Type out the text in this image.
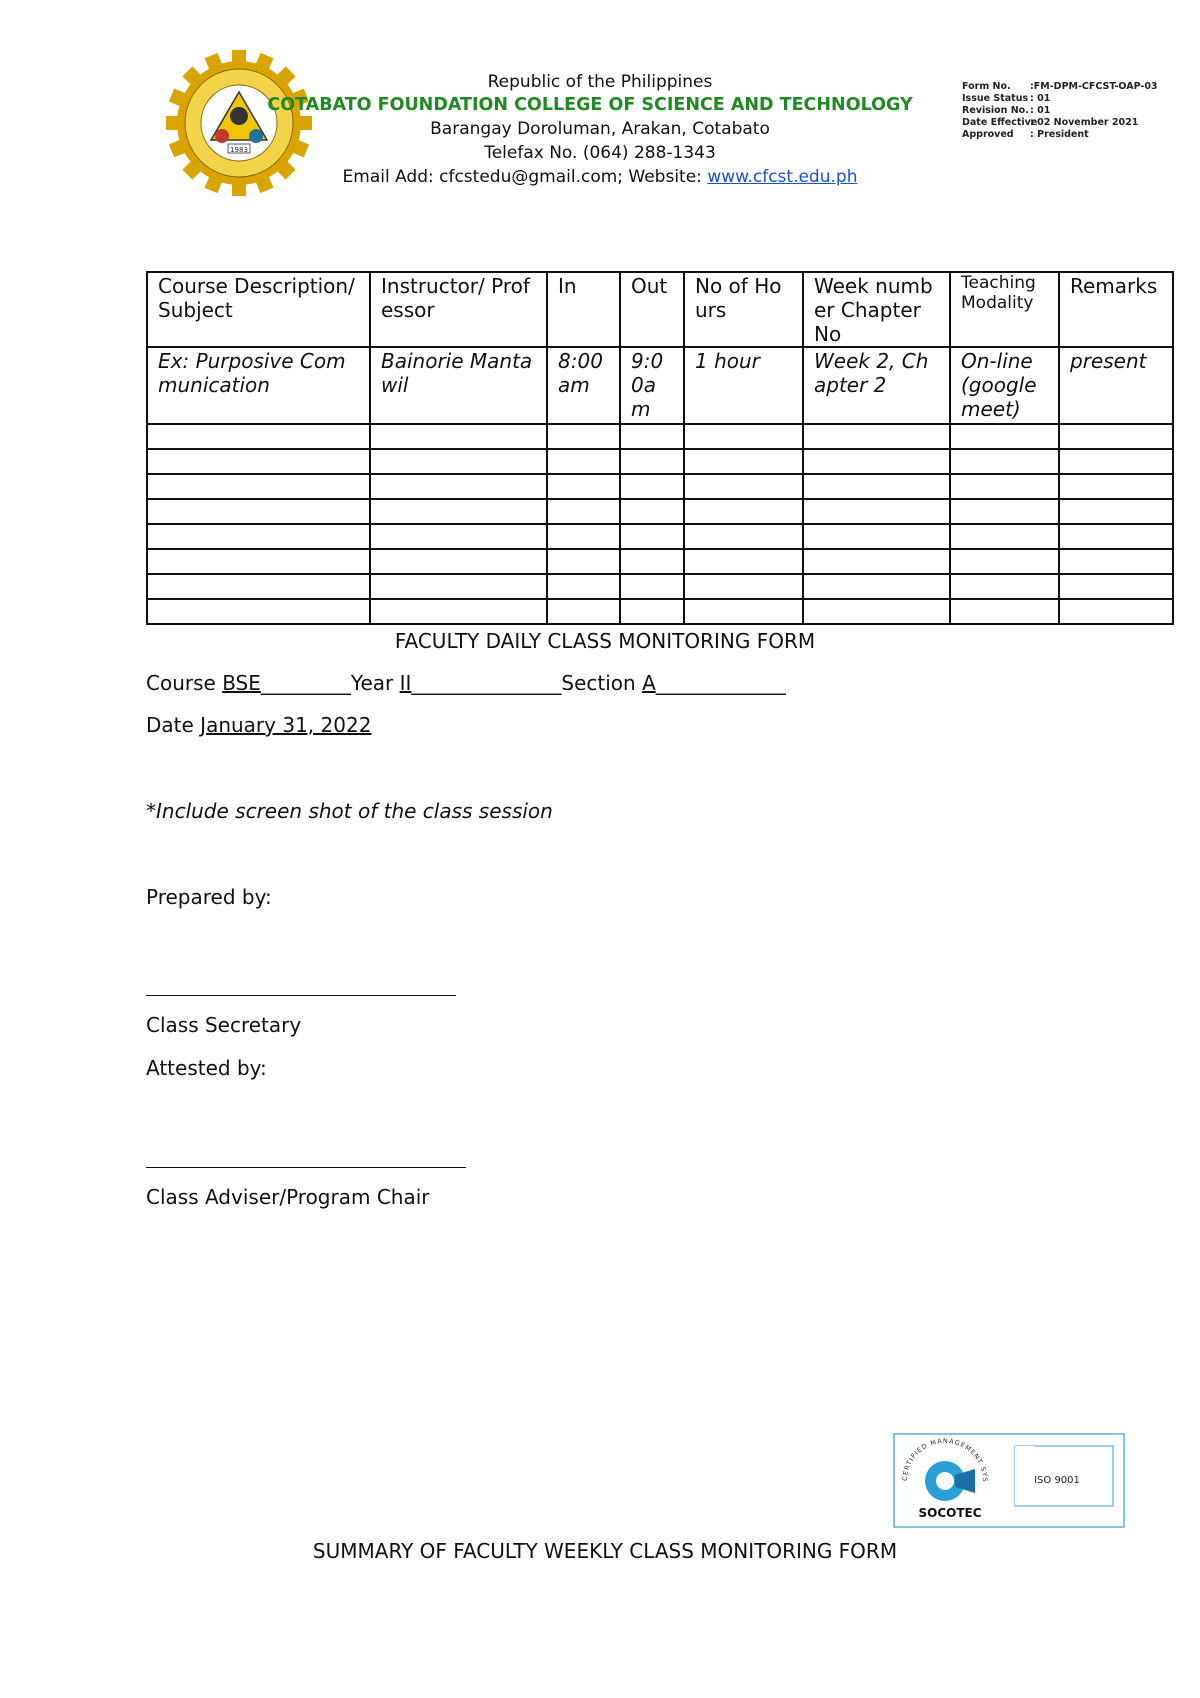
1983
Republic of the Philippines
COTABATO FOUNDATION COLLEGE OF SCIENCE AND TECHNOLOGY
Barangay Doroluman, Arakan, Cotabato
Telefax No. (064) 288-1343
Email Add: cfcstedu@gmail.com; Website: www.cfcst.edu.ph
Form No. :FM-DPM-CFCST-OAP-03
Issue Status : 01
Revision No.: 01
Date Effective: 02 November 2021
Approved : President
Course Description/Subject	Instructor/ Professor	In	Out	No of Hours	Week number Chapter No	Teaching Modality	Remarks
Ex: Purposive Communication	Bainorie Mantawil	8:00 am	9:00am	1 hour	Week 2, Chapter 2	On-line (google meet)	present

FACULTY DAILY CLASS MONITORING FORM
Course BSE_________Year II_______________Section A_____________
Date January 31, 2022
*Include screen shot of the class session
Prepared by:
Class Secretary
Attested by:
Class Adviser/Program Chair
CERTIFIED MANAGEMENT SYS
SOCOTEC
ISO 9001
SUMMARY OF FACULTY WEEKLY CLASS MONITORING FORM
